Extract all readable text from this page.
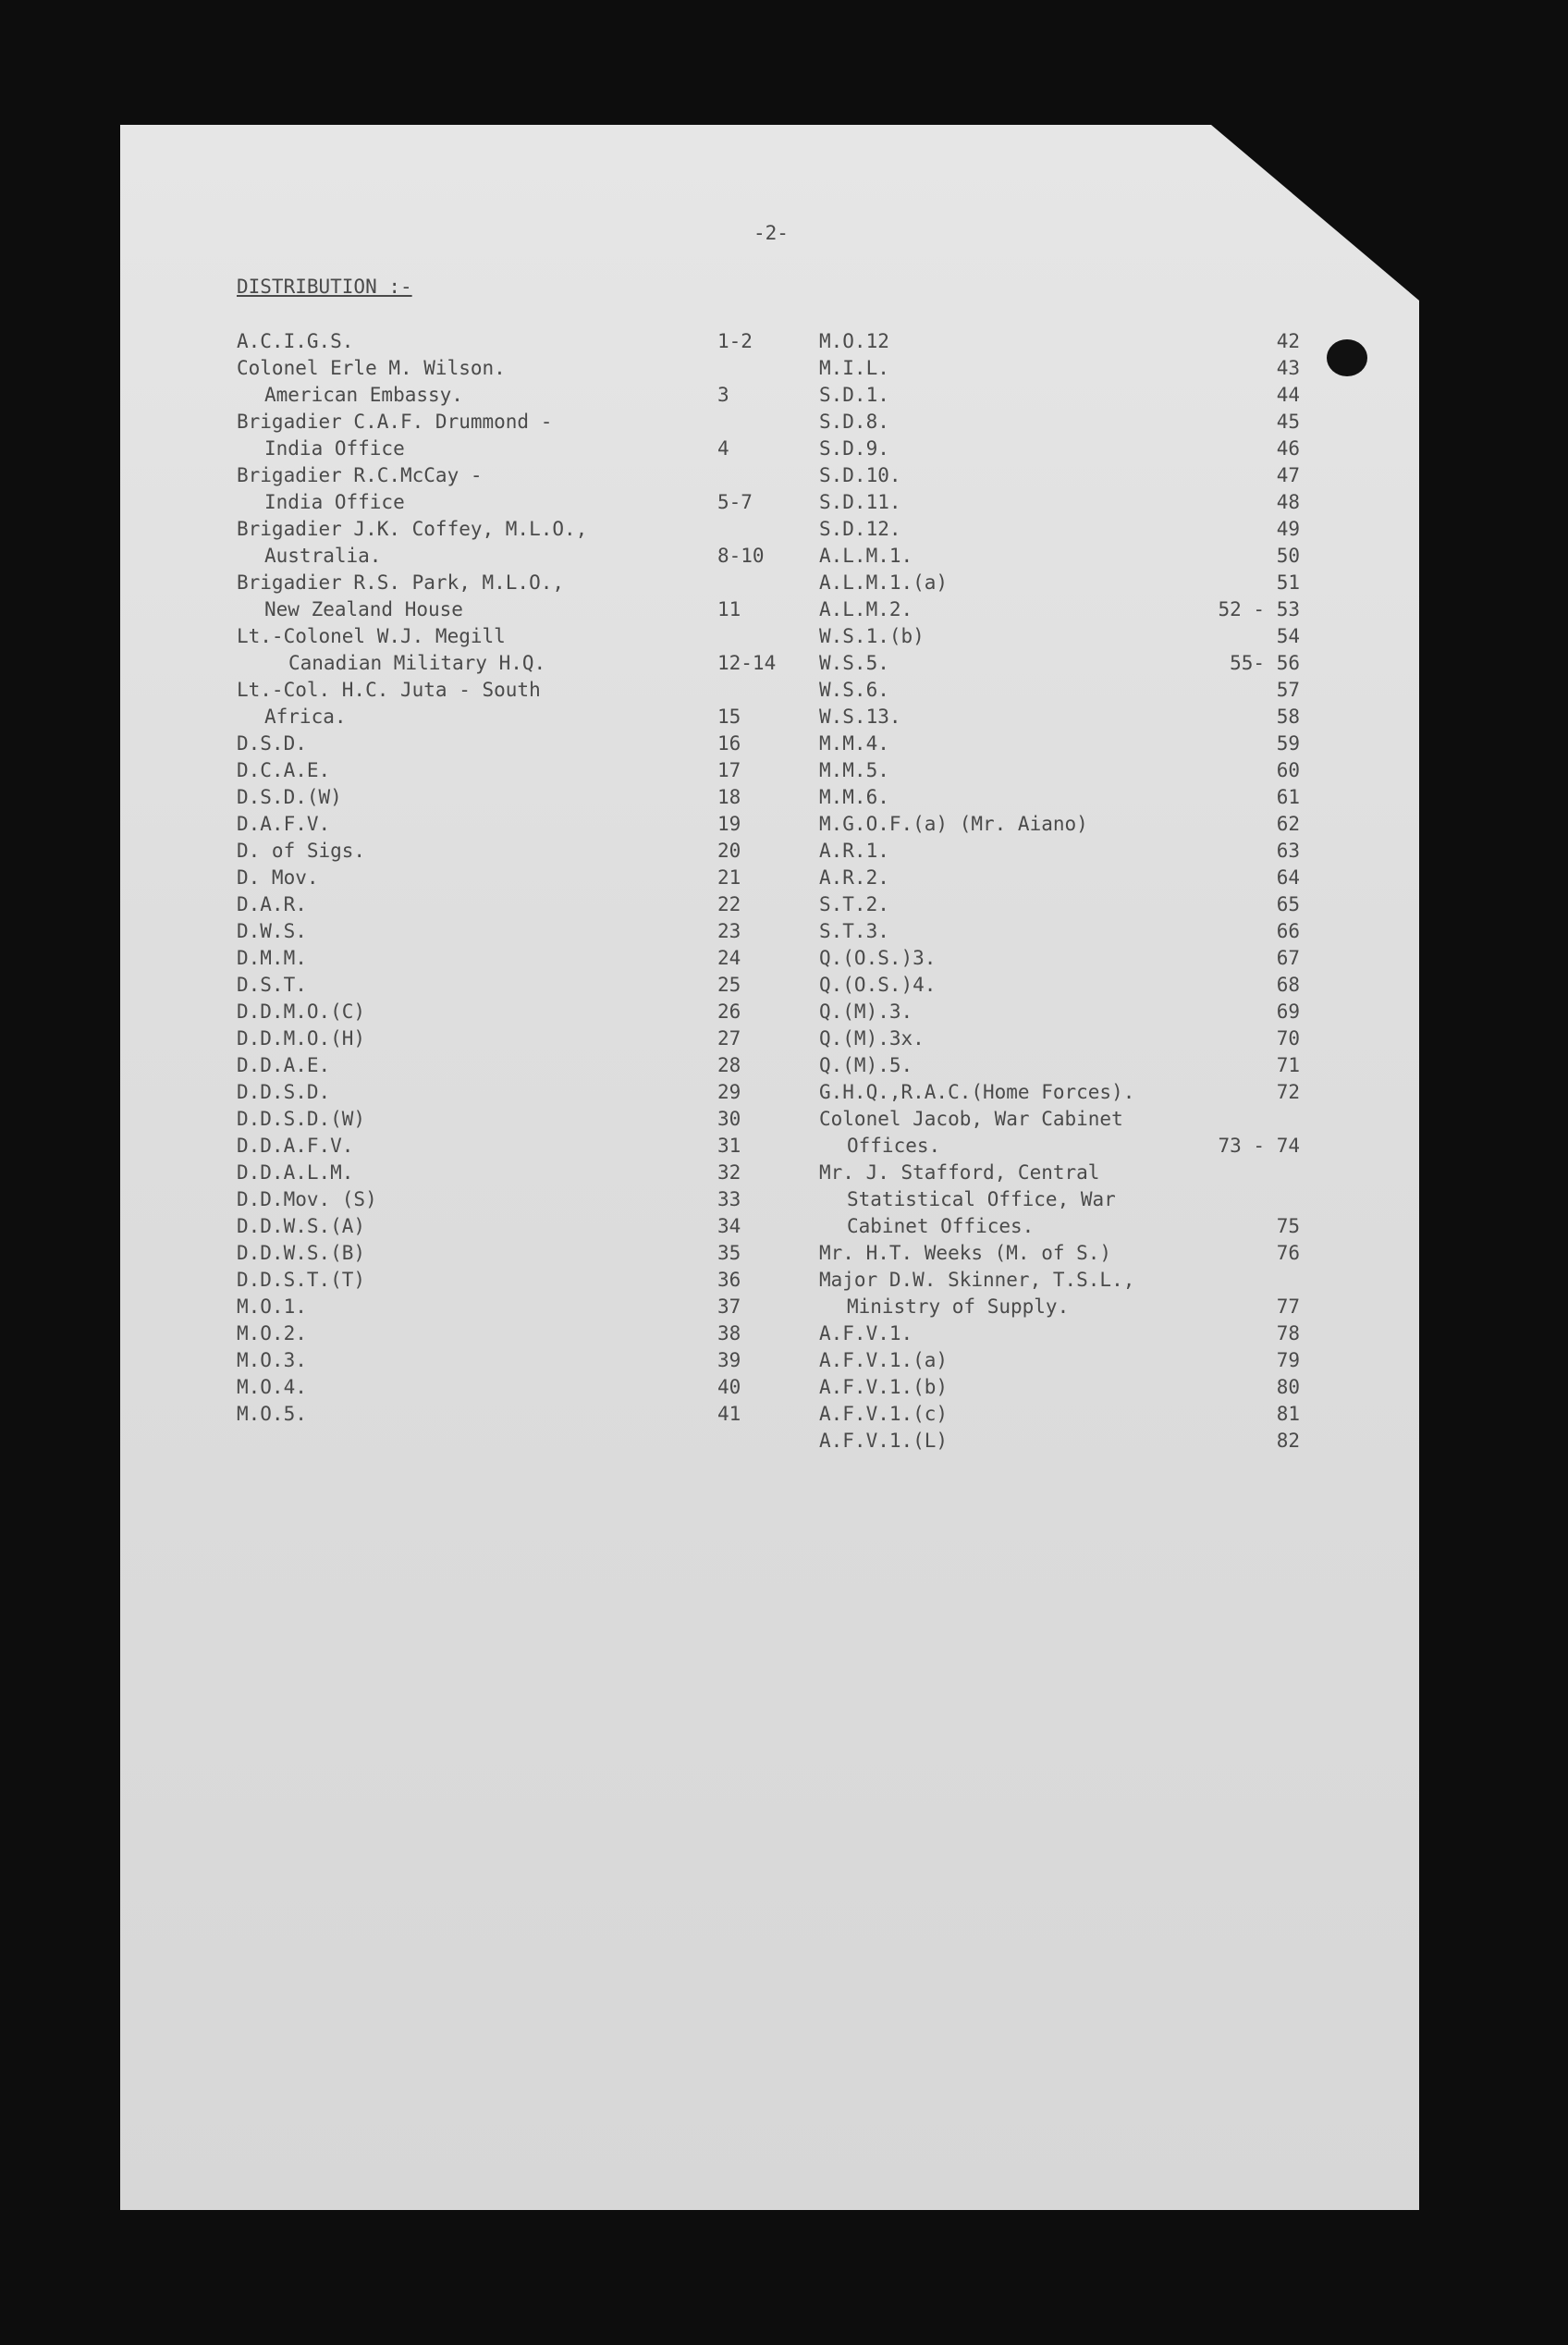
-2-
DISTRIBUTION :-
A.C.I.G.S.	1-2
Colonel Erle M. Wilson.
American Embassy.	3
Brigadier C.A.F. Drummond -
India Office	4
Brigadier R.C.McCay -
India Office	5-7
Brigadier J.K. Coffey, M.L.O.,
Australia.	8-10
Brigadier R.S. Park, M.L.O.,
New Zealand House	11
Lt.-Colonel W.J. Megill
Canadian Military H.Q.	12-14
Lt.-Col. H.C. Juta - South
Africa.	15
D.S.D.	16
D.C.A.E.	17
D.S.D.(W)	18
D.A.F.V.	19
D. of Sigs.	20
D. Mov.	21
D.A.R.	22
D.W.S.	23
D.M.M.	24
D.S.T.	25
D.D.M.O.(C)	26
D.D.M.O.(H)	27
D.D.A.E.	28
D.D.S.D.	29
D.D.S.D.(W)	30
D.D.A.F.V.	31
D.D.A.L.M.	32
D.D.Mov. (S)	33
D.D.W.S.(A)	34
D.D.W.S.(B)	35
D.D.S.T.(T)	36
M.O.1.	37
M.O.2.	38
M.O.3.	39
M.O.4.	40
M.O.5.	41
M.O.12	42
M.I.L.	43
S.D.1.	44
S.D.8.	45
S.D.9.	46
S.D.10.	47
S.D.11.	48
S.D.12.	49
A.L.M.1.	50
A.L.M.1.(a)	51
A.L.M.2.	52 - 53
W.S.1.(b)	54
W.S.5.	55- 56
W.S.6.	57
W.S.13.	58
M.M.4.	59
M.M.5.	60
M.M.6.	61
M.G.O.F.(a) (Mr. Aiano)	62
A.R.1.	63
A.R.2.	64
S.T.2.	65
S.T.3.	66
Q.(O.S.)3.	67
Q.(O.S.)4.	68
Q.(M).3.	69
Q.(M).3x.	70
Q.(M).5.	71
G.H.Q.,R.A.C.(Home Forces).	72
Colonel Jacob, War Cabinet
Offices.	73 - 74
Mr. J. Stafford, Central
Statistical Office, War
Cabinet Offices.	75
Mr. H.T. Weeks (M. of S.)	76
Major D.W. Skinner, T.S.L.,
Ministry of Supply.	77
A.F.V.1.	78
A.F.V.1.(a)	79
A.F.V.1.(b)	80
A.F.V.1.(c)	81
A.F.V.1.(L)	82
